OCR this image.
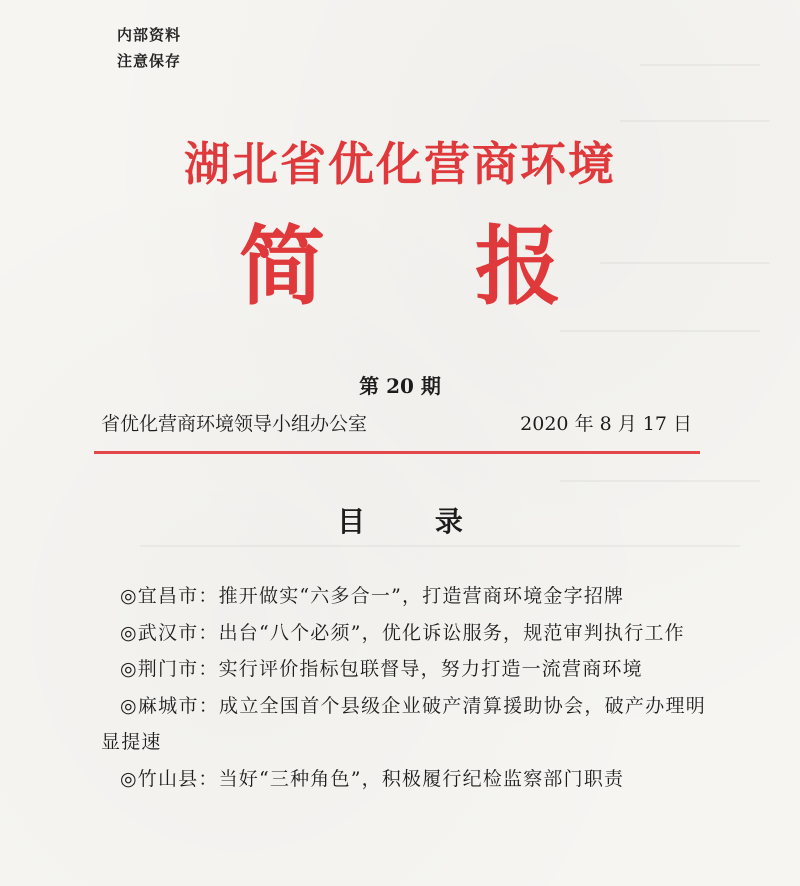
内部资料
注意保存
湖北省优化营商环境
简 报
第 20 期
省优化营商环境领导小组办公室	2020 年 8 月 17 日
目 录
◎宜昌市：推开做实“六多合一”，打造营商环境金字招牌
◎武汉市：出台“八个必须”，优化诉讼服务，规范审判执行工作
◎荆门市：实行评价指标包联督导，努力打造一流营商环境
◎麻城市：成立全国首个县级企业破产清算援助协会，破产办理明显提速
◎竹山县：当好“三种角色”，积极履行纪检监察部门职责
